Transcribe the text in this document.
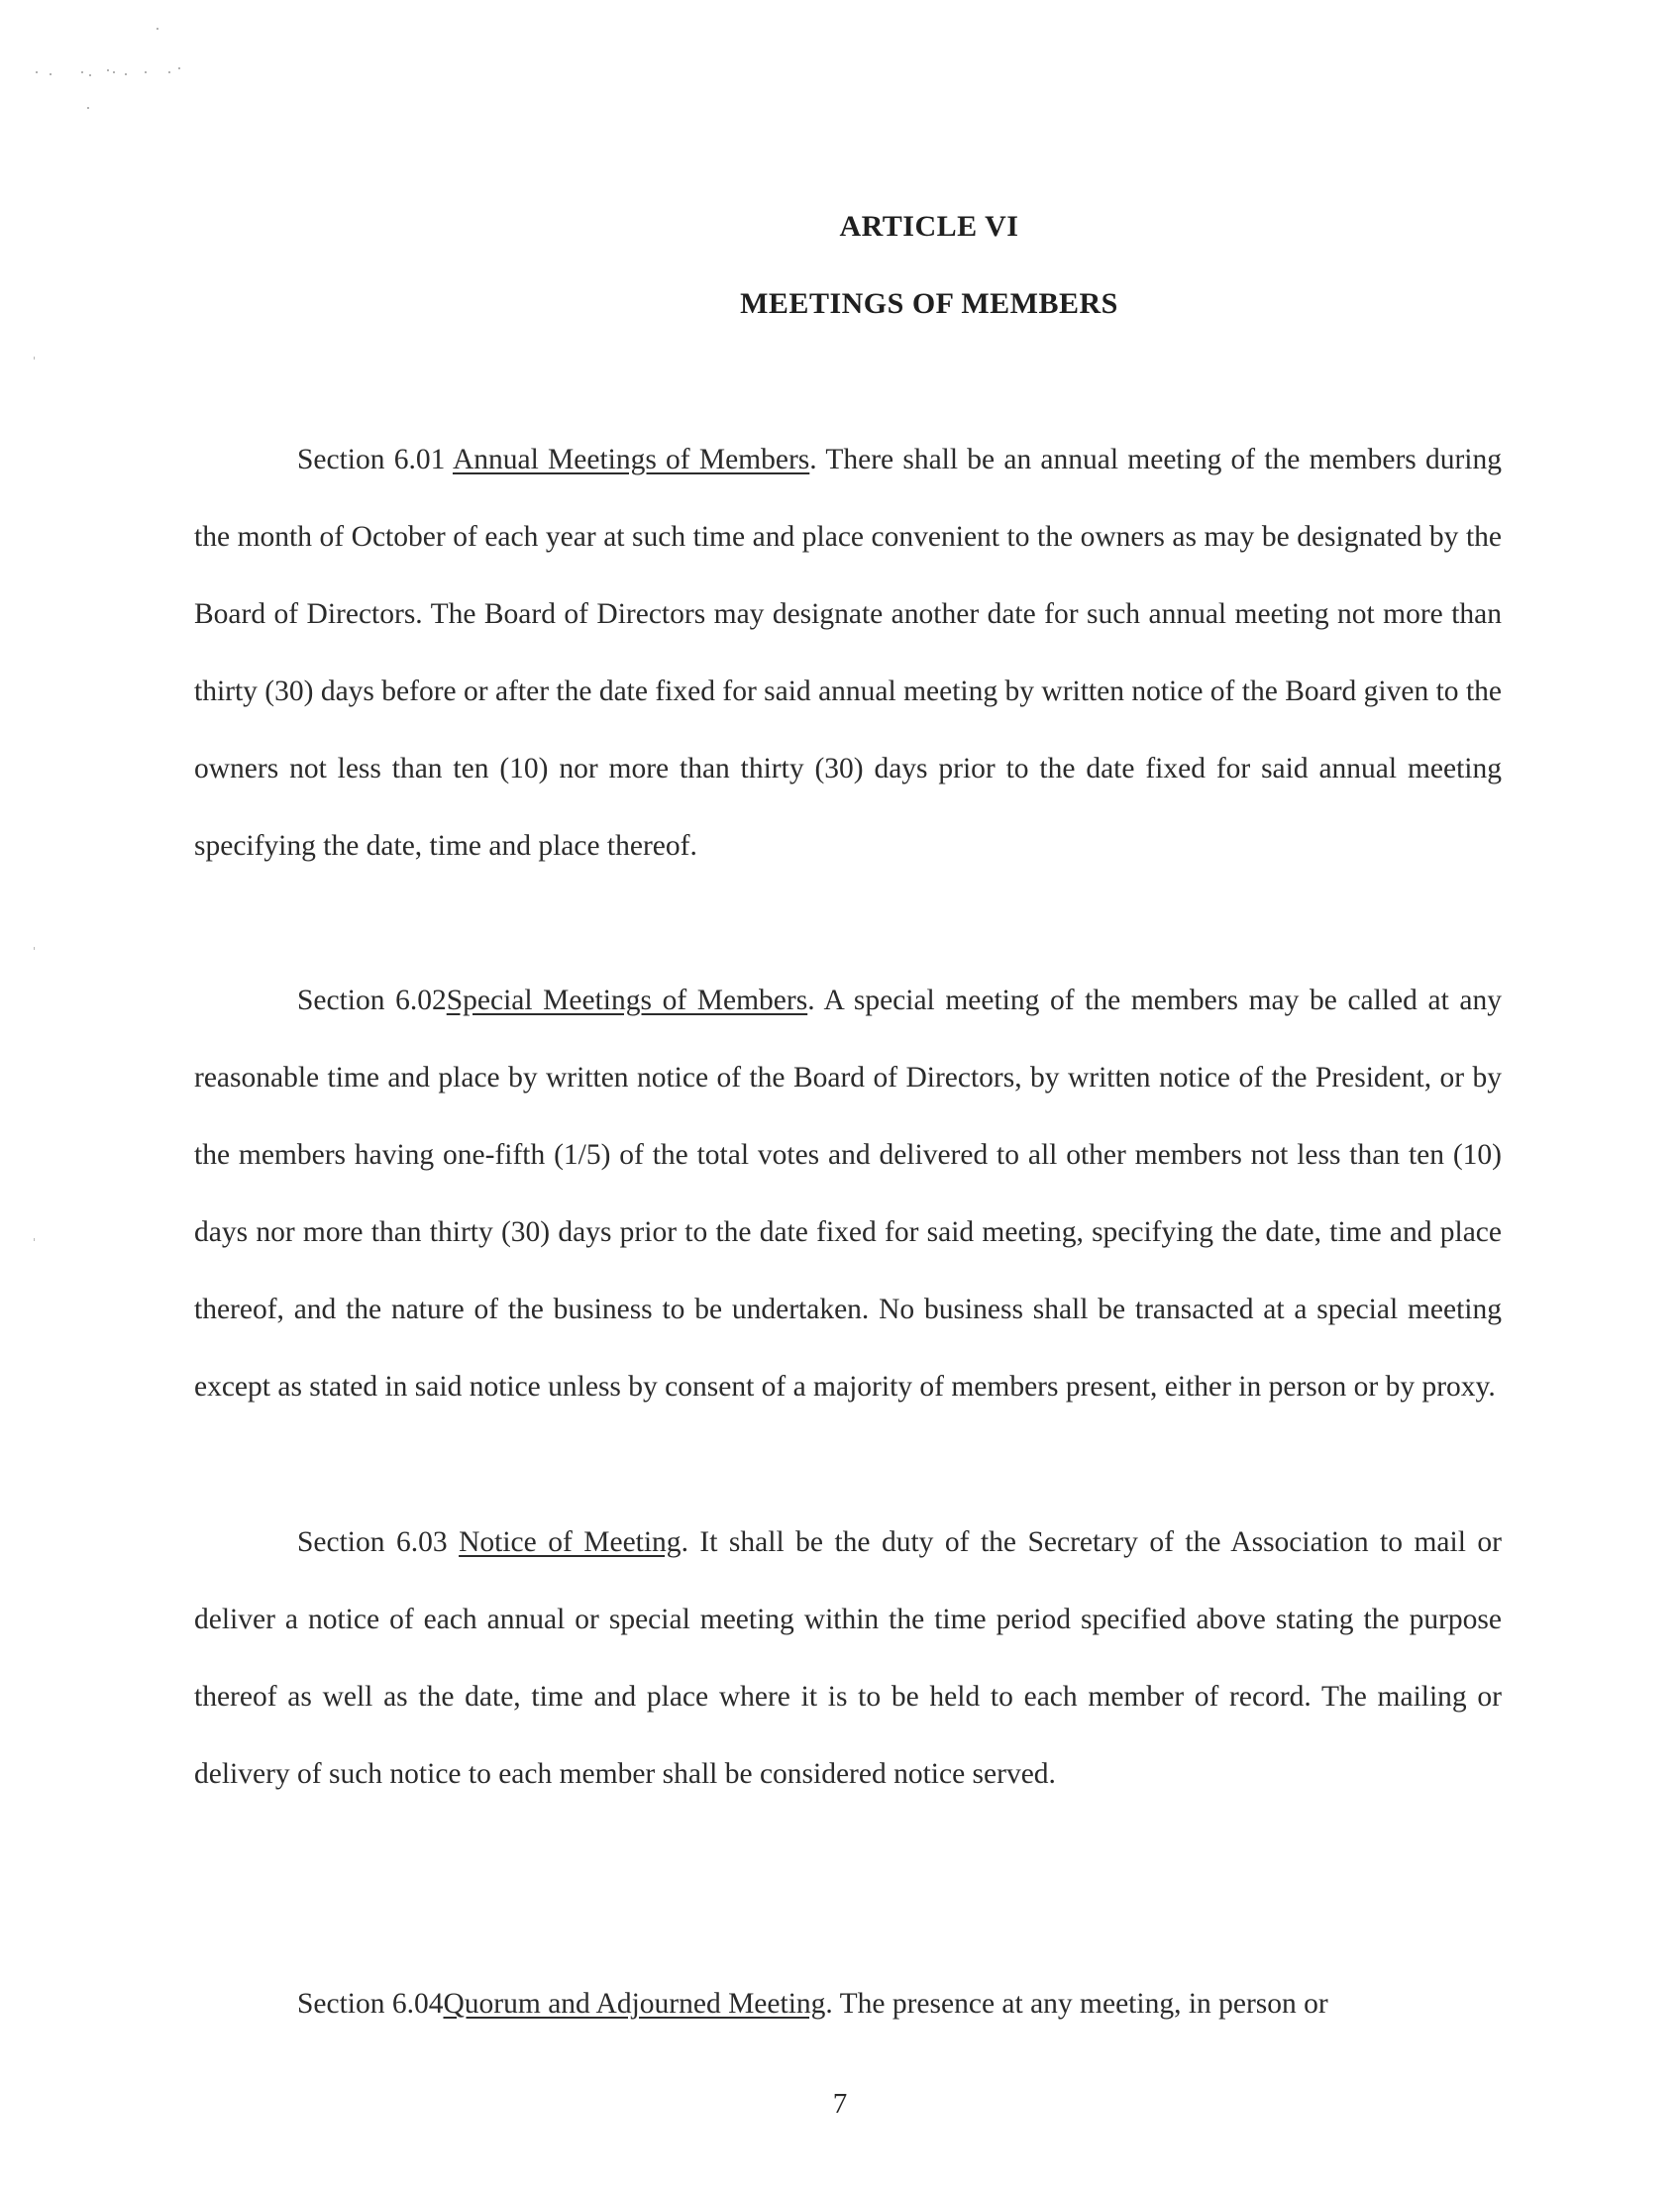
ARTICLE VI
MEETINGS OF MEMBERS

Section 6.01 Annual Meetings of Members. There shall be an annual meeting of the members during the month of October of each year at such time and place convenient to the owners as may be designated by the Board of Directors. The Board of Directors may designate another date for such annual meeting not more than thirty (30) days before or after the date fixed for said annual meeting by written notice of the Board given to the owners not less than ten (10) nor more than thirty (30) days prior to the date fixed for said annual meeting specifying the date, time and place thereof.

Section 6.02Special Meetings of Members. A special meeting of the members may be called at any reasonable time and place by written notice of the Board of Directors, by written notice of the President, or by the members having one-fifth (1/5) of the total votes and delivered to all other members not less than ten (10) days nor more than thirty (30) days prior to the date fixed for said meeting, specifying the date, time and place thereof, and the nature of the business to be undertaken. No business shall be transacted at a special meeting except as stated in said notice unless by consent of a majority of members present, either in person or by proxy.

Section 6.03 Notice of Meeting. It shall be the duty of the Secretary of the Association to mail or deliver a notice of each annual or special meeting within the time period specified above stating the purpose thereof as well as the date, time and place where it is to be held to each member of record. The mailing or delivery of such notice to each member shall be considered notice served.

Section 6.04Quorum and Adjourned Meeting. The presence at any meeting, in person or

7
